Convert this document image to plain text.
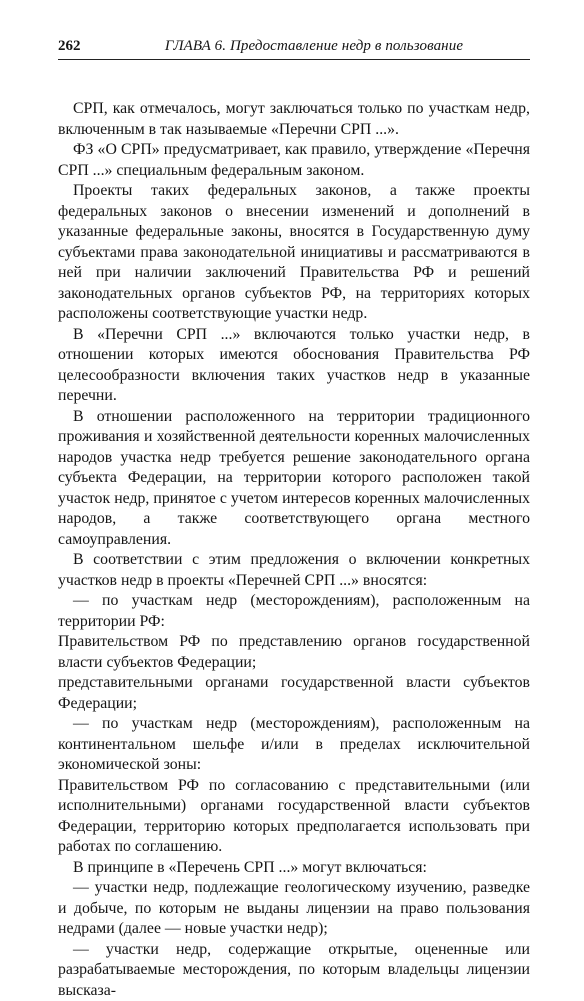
262	ГЛАВА 6. Предоставление недр в пользование

СРП, как отмечалось, могут заключаться только по участкам недр, включенным в так называемые «Перечни СРП ...».

ФЗ «О СРП» предусматривает, как правило, утверждение «Перечня СРП ...» специальным федеральным законом.

Проекты таких федеральных законов, а также проекты федеральных законов о внесении изменений и дополнений в указанные федеральные законы, вносятся в Государственную думу субъектами права законодательной инициативы и рассматриваются в ней при наличии заключений Правительства РФ и решений законодательных органов субъектов РФ, на территориях которых расположены соответствующие участки недр.

В «Перечни СРП ...» включаются только участки недр, в отношении которых имеются обоснования Правительства РФ целесообразности включения таких участков недр в указанные перечни.

В отношении расположенного на территории традиционного проживания и хозяйственной деятельности коренных малочисленных народов участка недр требуется решение законодательного органа субъекта Федерации, на территории которого расположен такой участок недр, принятое с учетом интересов коренных малочисленных народов, а также соответствующего органа местного самоуправления.

В соответствии с этим предложения о включении конкретных участков недр в проекты «Перечней СРП ...» вносятся:

— по участкам недр (месторождениям), расположенным на территории РФ:

Правительством РФ по представлению органов государственной власти субъектов Федерации;

представительными органами государственной власти субъектов Федерации;

— по участкам недр (месторождениям), расположенным на континентальном шельфе и/или в пределах исключительной экономической зоны:

Правительством РФ по согласованию с представительными (или исполнительными) органами государственной власти субъектов Федерации, территорию которых предполагается использовать при работах по соглашению.

В принципе в «Перечень СРП ...» могут включаться:

— участки недр, подлежащие геологическому изучению, разведке и добыче, по которым не выданы лицензии на право пользования недрами (далее — новые участки недр);

— участки недр, содержащие открытые, оцененные или разрабатываемые месторождения, по которым владельцы лицензии высказа-
